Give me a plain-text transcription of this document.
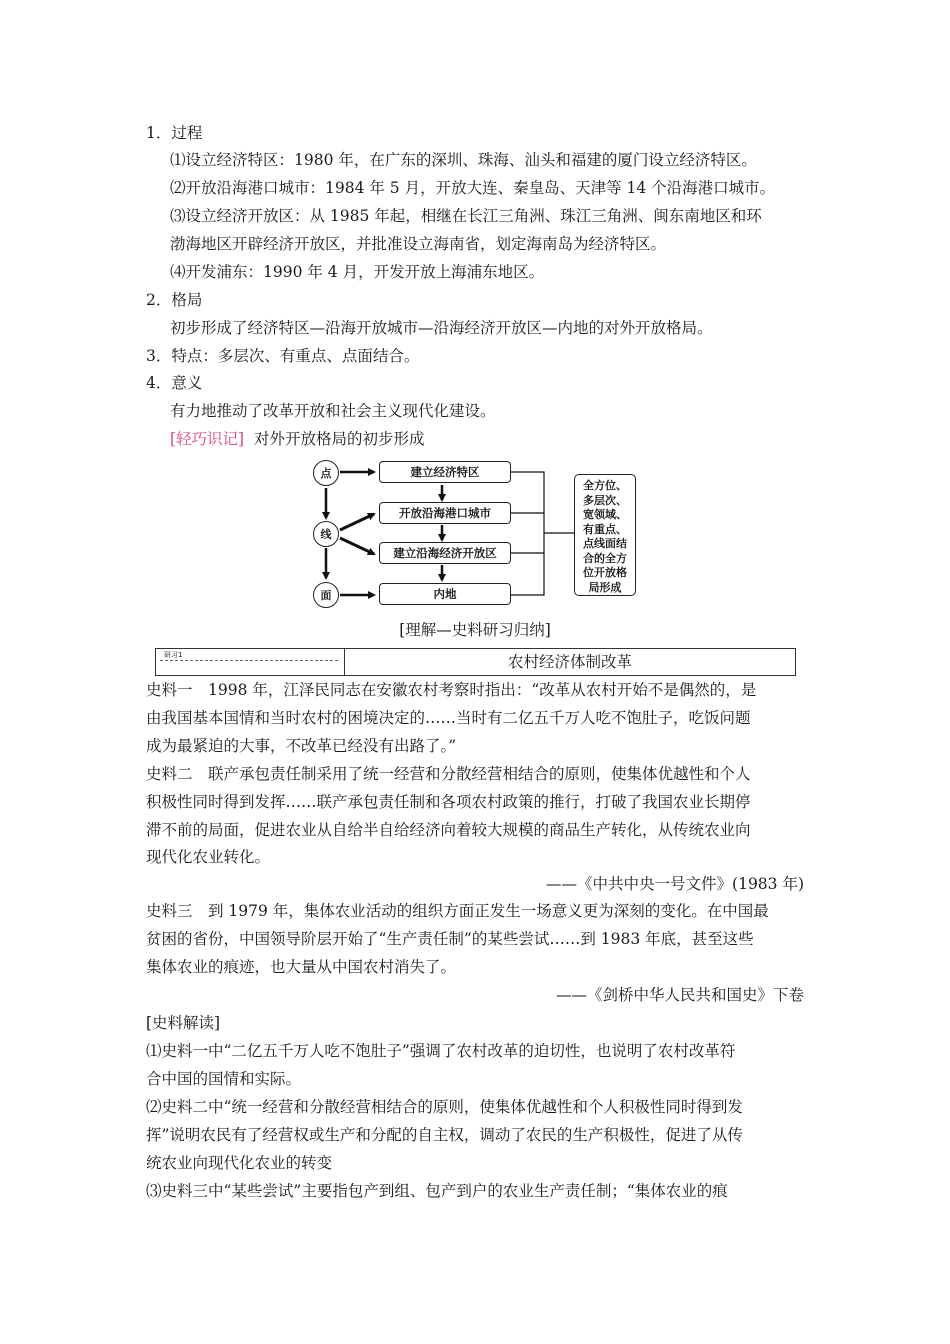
1．过程
⑴设立经济特区：1980 年，在广东的深圳、珠海、汕头和福建的厦门设立经济特区。
⑵开放沿海港口城市：1984 年 5 月，开放大连、秦皇岛、天津等 14 个沿海港口城市。
⑶设立经济开放区：从 1985 年起，相继在长江三角洲、珠江三角洲、闽东南地区和环
渤海地区开辟经济开放区，并批准设立海南省，划定海南岛为经济特区。
⑷开发浦东：1990 年 4 月，开发开放上海浦东地区。
2．格局
初步形成了经济特区—沿海开放城市—沿海经济开放区—内地的对外开放格局。
3．特点：多层次、有重点、点面结合。
4．意义
有力地推动了改革开放和社会主义现代化建设。
[轻巧识记] 对外开放格局的初步形成
点
线
面
建立经济特区
开放沿海港口城市
建立沿海经济开放区
内地
全方位、
多层次、
宽领域、
有重点、
点线面结
合的全方
位开放格
局形成
[理解—史料研习归纳]
研习1	农村经济体制改革
史料一　1998 年，江泽民同志在安徽农村考察时指出：“改革从农村开始不是偶然的，是
由我国基本国情和当时农村的困境决定的……当时有二亿五千万人吃不饱肚子，吃饭问题
成为最紧迫的大事，不改革已经没有出路了。”
史料二　联产承包责任制采用了统一经营和分散经营相结合的原则，使集体优越性和个人
积极性同时得到发挥……联产承包责任制和各项农村政策的推行，打破了我国农业长期停
滞不前的局面，促进农业从自给半自给经济向着较大规模的商品生产转化，从传统农业向
现代化农业转化。
——《中共中央一号文件》(1983 年)
史料三　到 1979 年，集体农业活动的组织方面正发生一场意义更为深刻的变化。在中国最
贫困的省份，中国领导阶层开始了“生产责任制”的某些尝试……到 1983 年底，甚至这些
集体农业的痕迹，也大量从中国农村消失了。
——《剑桥中华人民共和国史》下卷
[史料解读]
⑴史料一中“二亿五千万人吃不饱肚子”强调了农村改革的迫切性，也说明了农村改革符
合中国的国情和实际。
⑵史料二中“统一经营和分散经营相结合的原则，使集体优越性和个人积极性同时得到发
挥”说明农民有了经营权或生产和分配的自主权，调动了农民的生产积极性，促进了从传
统农业向现代化农业的转变
⑶史料三中“某些尝试”主要指包产到组、包产到户的农业生产责任制；“集体农业的痕
